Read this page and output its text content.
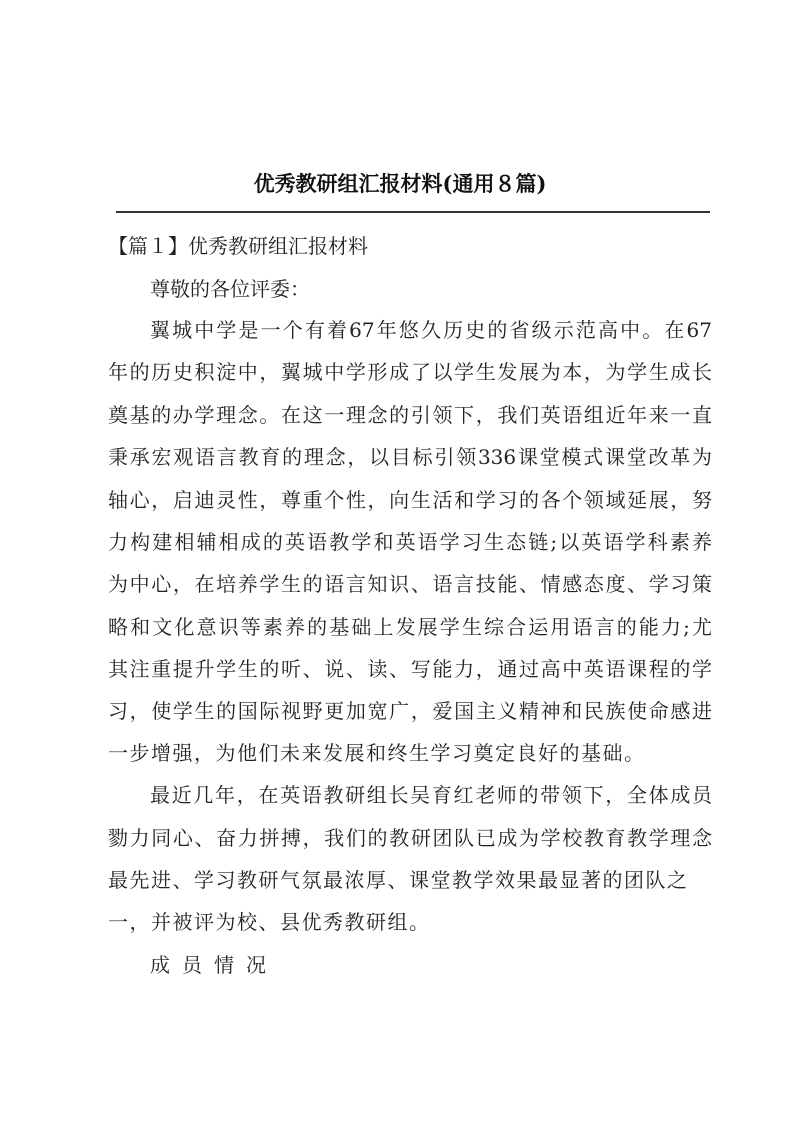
优秀教研组汇报材料(通用８篇)
【篇１】优秀教研组汇报材料
尊敬的各位评委：
翼城中学是一个有着67年悠久历史的省级示范高中。在67
年的历史积淀中，翼城中学形成了以学生发展为本，为学生成长
奠基的办学理念。在这一理念的引领下，我们英语组近年来一直
秉承宏观语言教育的理念，以目标引领336课堂模式课堂改革为
轴心，启迪灵性，尊重个性，向生活和学习的各个领域延展，努
力构建相辅相成的英语教学和英语学习生态链;以英语学科素养
为中心，在培养学生的语言知识、语言技能、情感态度、学习策
略和文化意识等素养的基础上发展学生综合运用语言的能力;尤
其注重提升学生的听、说、读、写能力，通过高中英语课程的学
习，使学生的国际视野更加宽广，爱国主义精神和民族使命感进
一步增强，为他们未来发展和终生学习奠定良好的基础。
最近几年，在英语教研组长吴育红老师的带领下，全体成员
勠力同心、奋力拼搏，我们的教研团队已成为学校教育教学理念
最先进、学习教研气氛最浓厚、课堂教学效果最显著的团队之
一，并被评为校、县优秀教研组。
成员情况
